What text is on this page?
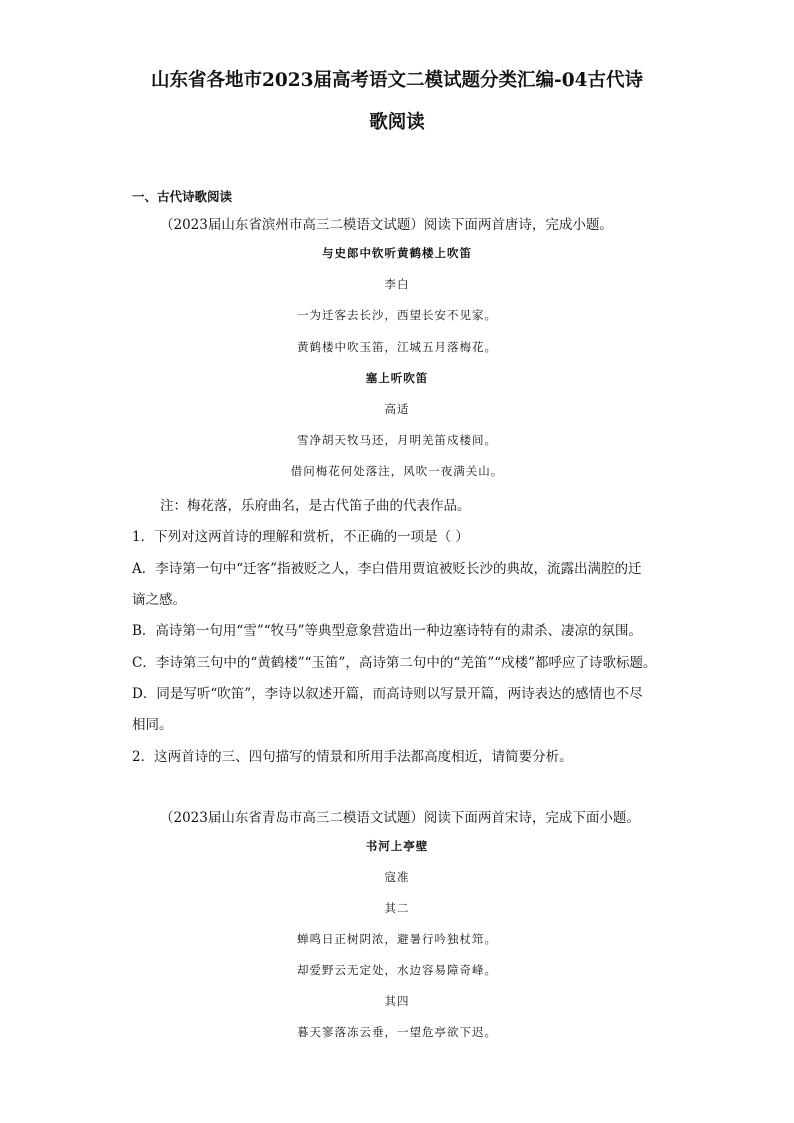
山东省各地市2023届高考语文二模试题分类汇编-04古代诗
歌阅读
一、古代诗歌阅读
（2023届山东省滨州市高三二模语文试题）阅读下面两首唐诗，完成小题。
与史郎中钦听黄鹤楼上吹笛
李白
一为迁客去长沙，西望长安不见家。
黄鹤楼中吹玉笛，江城五月落梅花。
塞上听吹笛
高适
雪净胡天牧马还，月明羌笛戍楼间。
借问梅花何处落注，风吹一夜满关山。
注：梅花落，乐府曲名，是古代笛子曲的代表作品。
1．下列对这两首诗的理解和赏析，不正确的一项是（ ）
A．李诗第一句中“迁客”指被贬之人，李白借用贾谊被贬长沙的典故，流露出满腔的迁
谪之感。
B．高诗第一句用“雪”“牧马”等典型意象营造出一种边塞诗特有的肃杀、凄凉的氛围。
C．李诗第三句中的“黄鹤楼”“玉笛”，高诗第二句中的“羌笛”“戍楼”都呼应了诗歌标题。
D．同是写听“吹笛”，李诗以叙述开篇，而高诗则以写景开篇，两诗表达的感情也不尽
相同。
2．这两首诗的三、四句描写的情景和所用手法都高度相近，请简要分析。
（2023届山东省青岛市高三二模语文试题）阅读下面两首宋诗，完成下面小题。
书河上亭壁
寇准
其二
蝉鸣日正树阴浓，避暑行吟独杖筇。
却爱野云无定处，水边容易障奇峰。
其四
暮天寥落冻云垂，一望危亭欲下迟。
